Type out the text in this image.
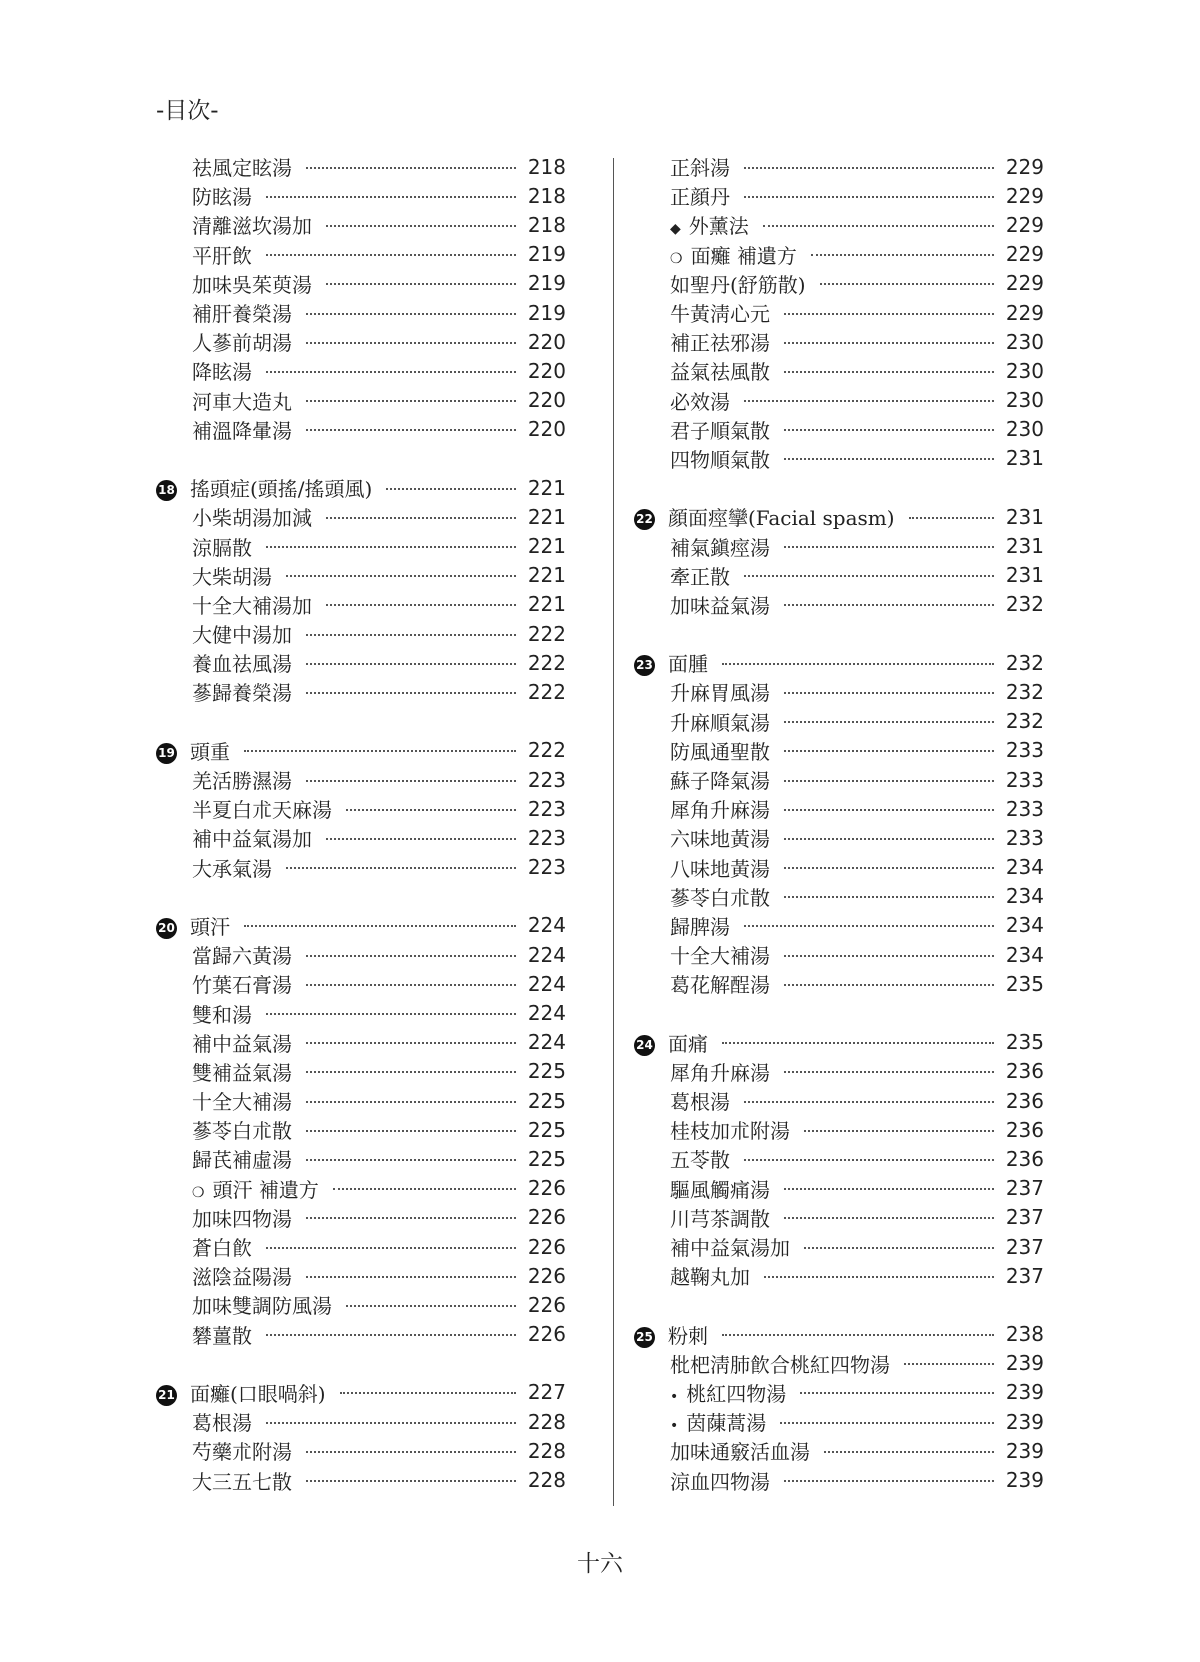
-目次-
祛風定眩湯	218
防眩湯	218
清離滋坎湯加	218
平肝飲	219
加味吳茱萸湯	219
補肝養榮湯	219
人蔘前胡湯	220
降眩湯	220
河車大造丸	220
補溫降暈湯	220
18 搖頭症(頭搖/搖頭風)	221
小柴胡湯加減	221
涼膈散	221
大柴胡湯	221
十全大補湯加	221
大健中湯加	222
養血祛風湯	222
蔘歸養榮湯	222
19 頭重	222
羌活勝濕湯	223
半夏白朮天麻湯	223
補中益氣湯加	223
大承氣湯	223
20 頭汗	224
當歸六黃湯	224
竹葉石膏湯	224
雙和湯	224
補中益氣湯	224
雙補益氣湯	225
十全大補湯	225
蔘苓白朮散	225
歸芪補虛湯	225
❍ 頭汗 補遺方	226
加味四物湯	226
蒼白飮	226
滋陰益陽湯	226
加味雙調防風湯	226
礬薑散	226
21 面癱(口眼喎斜)	227
葛根湯	228
芍藥朮附湯	228
大三五七散	228
正斜湯	229
正顔丹	229
◆ 外薰法	229
❍ 面癱 補遺方	229
如聖丹(舒筋散)	229
牛黃淸心元	229
補正祛邪湯	230
益氣祛風散	230
必效湯	230
君子順氣散	230
四物順氣散	231
22 顔面痙攣(Facial spasm)	231
補氣鎭痙湯	231
牽正散	231
加味益氣湯	232
23 面腫	232
升麻胃風湯	232
升麻順氣湯	232
防風通聖散	233
蘇子降氣湯	233
犀角升麻湯	233
六味地黃湯	233
八味地黃湯	234
蔘苓白朮散	234
歸脾湯	234
十全大補湯	234
葛花解酲湯	235
24 面痛	235
犀角升麻湯	236
葛根湯	236
桂枝加朮附湯	236
五苓散	236
驅風觸痛湯	237
川芎茶調散	237
補中益氣湯加	237
越鞠丸加	237
25 粉刺	238
枇杷淸肺飮合桃紅四物湯	239
• 桃紅四物湯	239
• 茵蔯蒿湯	239
加味通竅活血湯	239
涼血四物湯	239
十六
